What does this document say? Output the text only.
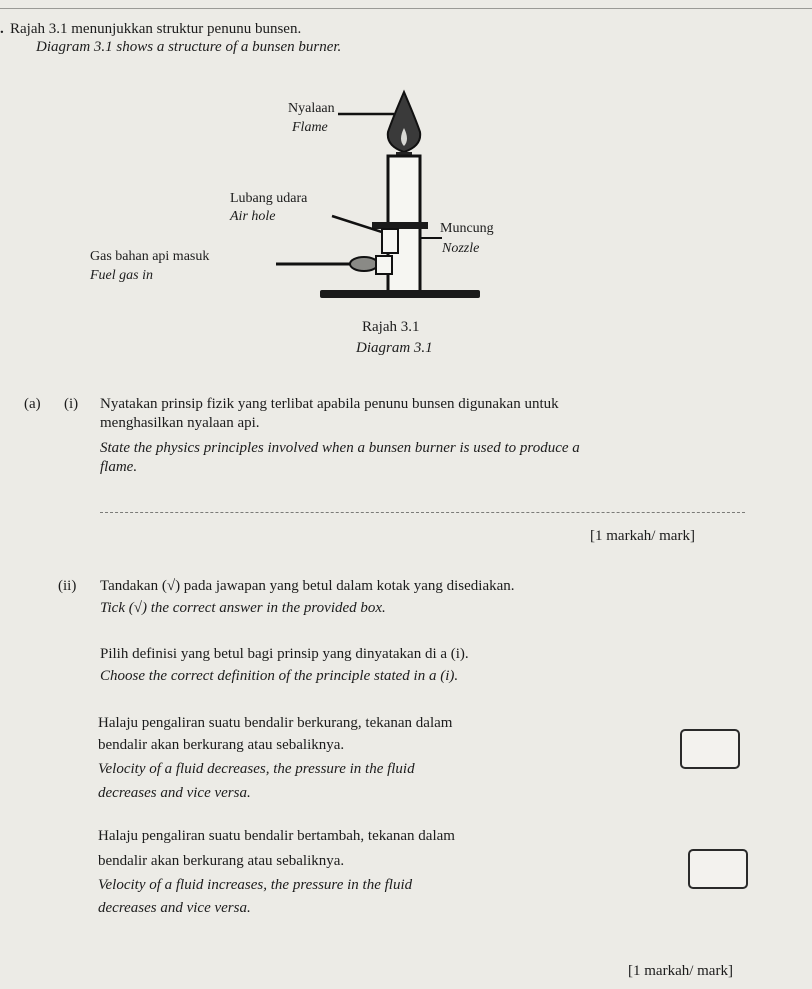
. Rajah 3.1 menunjukkan struktur penunu bunsen.
Diagram 3.1 shows a structure of a bunsen burner.
Nyalaan
Flame
Lubang udara
Air hole
Muncung
Nozzle
Gas bahan api masuk
Fuel gas in
Rajah 3.1
Diagram 3.1
(a) (i) Nyatakan prinsip fizik yang terlibat apabila penunu bunsen digunakan untuk
menghasilkan nyalaan api.
State the physics principles involved when a bunsen burner is used to produce a
flame.
[1 markah/ mark]
(ii) Tandakan (√) pada jawapan yang betul dalam kotak yang disediakan.
Tick (√) the correct answer in the provided box.
Pilih definisi yang betul bagi prinsip yang dinyatakan di a (i).
Choose the correct definition of the principle stated in a (i).
Halaju pengaliran suatu bendalir berkurang, tekanan dalam
bendalir akan berkurang atau sebaliknya.
Velocity of a fluid decreases, the pressure in the fluid
decreases and vice versa.
Halaju pengaliran suatu bendalir bertambah, tekanan dalam
bendalir akan berkurang atau sebaliknya.
Velocity of a fluid increases, the pressure in the fluid
decreases and vice versa.
[1 markah/ mark]
